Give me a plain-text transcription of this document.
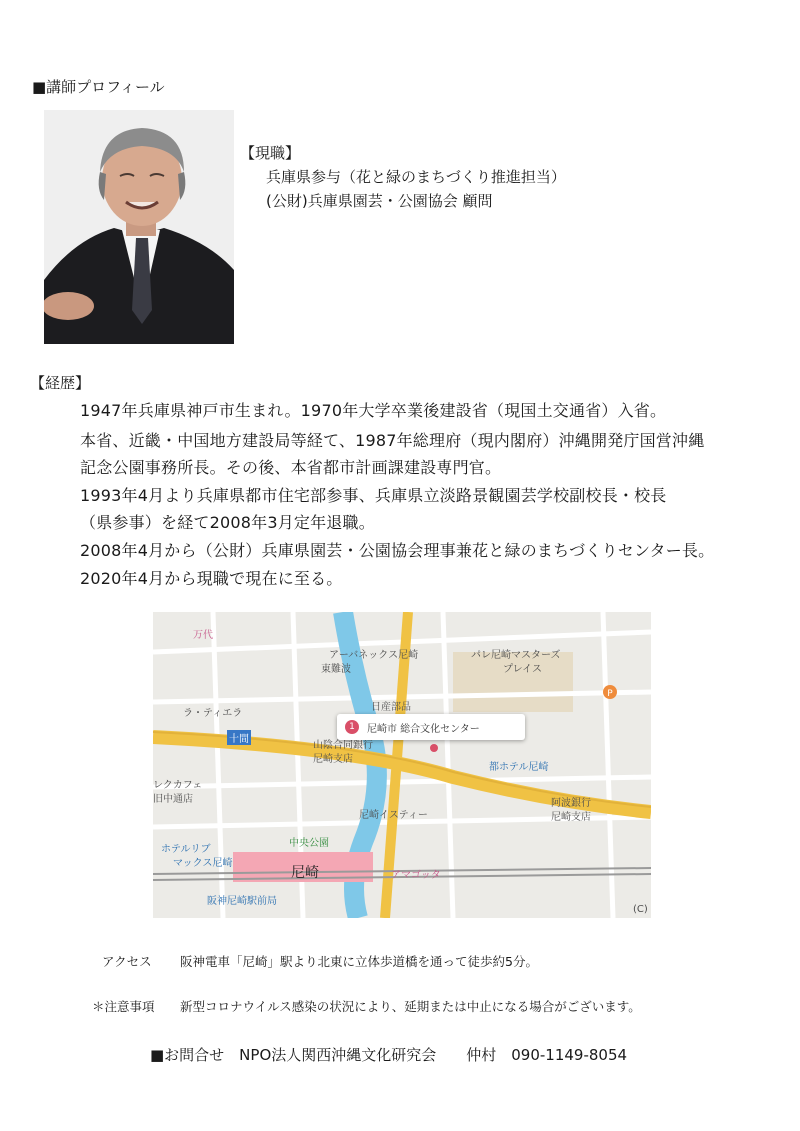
■講師プロフィール
【現職】
兵庫県参与（花と緑のまちづくり推進担当）
(公財)兵庫県園芸・公園協会 顧問
【経歴】
1947年兵庫県神戸市生まれ。1970年大学卒業後建設省（現国土交通省）入省。
本省、近畿・中国地方建設局等経て、1987年総理府（現内閣府）沖縄開発庁国営沖縄
記念公園事務所長。その後、本省都市計画課建設専門官。
1993年4月より兵庫県都市住宅部参事、兵庫県立淡路景観園芸学校副校長・校長
（県参事）を経て2008年3月定年退職。
2008年4月から（公財）兵庫県園芸・公園協会理事兼花と緑のまちづくりセンター長。
2020年4月から現職で現在に至る。
P
万代
アーバネックス尼崎
東難波
パレ尼崎マスターズ
プレイス
日産部品
ラ・ティエラ
十間
山陰合同銀行
尼崎支店
都ホテル尼崎
阿波銀行
尼崎支店
レクカフェ
旧中通店
尼崎イスティー
中央公園
ホテルリブ
マックス尼崎
尼崎	アマゴッタ
阪神尼崎駅前局
(C)
1	尼崎市 総合文化センター
アクセス 阪神電車「尼崎」駅より北東に立体歩道橋を通って徒歩約5分。
＊注意事項 新型コロナウイルス感染の状況により、延期または中止になる場合がございます。
■お問合せ　NPO法人関西沖縄文化研究会　　仲村　090-1149-8054
